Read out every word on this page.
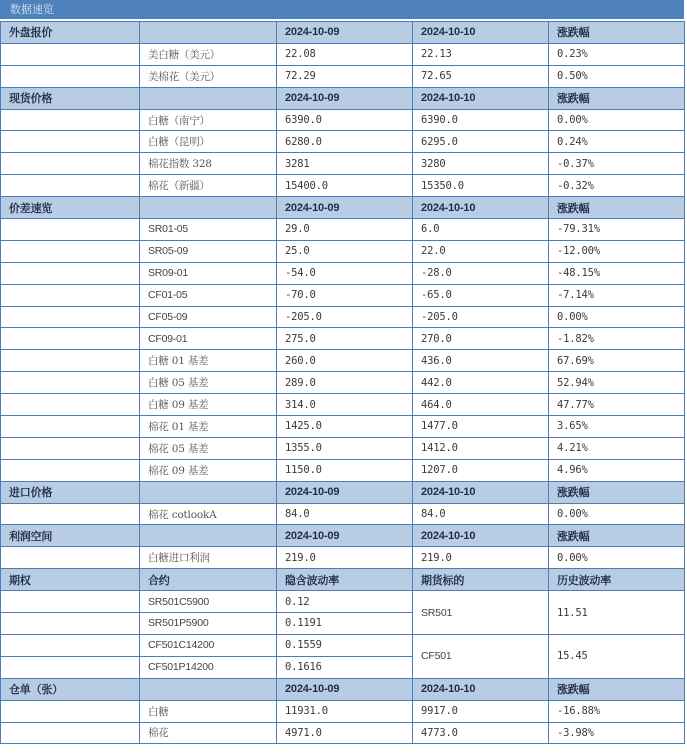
数据速览
外盘报价		2024-10-09	2024-10-10	涨跌幅
	美白糖（美元）	22.08	22.13	0.23%
	美棉花（美元）	72.29	72.65	0.50%
现货价格		2024-10-09	2024-10-10	涨跌幅
	白糖（南宁）	6390.0	6390.0	0.00%
	白糖（昆明）	6280.0	6295.0	0.24%
	棉花指数 328	3281	3280	-0.37%
	棉花（新疆）	15400.0	15350.0	-0.32%
价差速览		2024-10-09	2024-10-10	涨跌幅
	SR01-05	29.0	6.0	-79.31%
	SR05-09	25.0	22.0	-12.00%
	SR09-01	-54.0	-28.0	-48.15%
	CF01-05	-70.0	-65.0	-7.14%
	CF05-09	-205.0	-205.0	0.00%
	CF09-01	275.0	270.0	-1.82%
	白糖 01 基差	260.0	436.0	67.69%
	白糖 05 基差	289.0	442.0	52.94%
	白糖 09 基差	314.0	464.0	47.77%
	棉花 01 基差	1425.0	1477.0	3.65%
	棉花 05 基差	1355.0	1412.0	4.21%
	棉花 09 基差	1150.0	1207.0	4.96%
进口价格		2024-10-09	2024-10-10	涨跌幅
	棉花 cotlookA	84.0	84.0	0.00%
利润空间		2024-10-09	2024-10-10	涨跌幅
	白糖进口利润	219.0	219.0	0.00%
期权	合约	隐含波动率	期货标的	历史波动率
	SR501C5900	0.12	SR501	11.51
	SR501P5900	0.1191		
	CF501C14200	0.1559	CF501	15.45
	CF501P14200	0.1616		
仓单（张）		2024-10-09	2024-10-10	涨跌幅
	白糖	11931.0	9917.0	-16.88%
	棉花	4971.0	4773.0	-3.98%
